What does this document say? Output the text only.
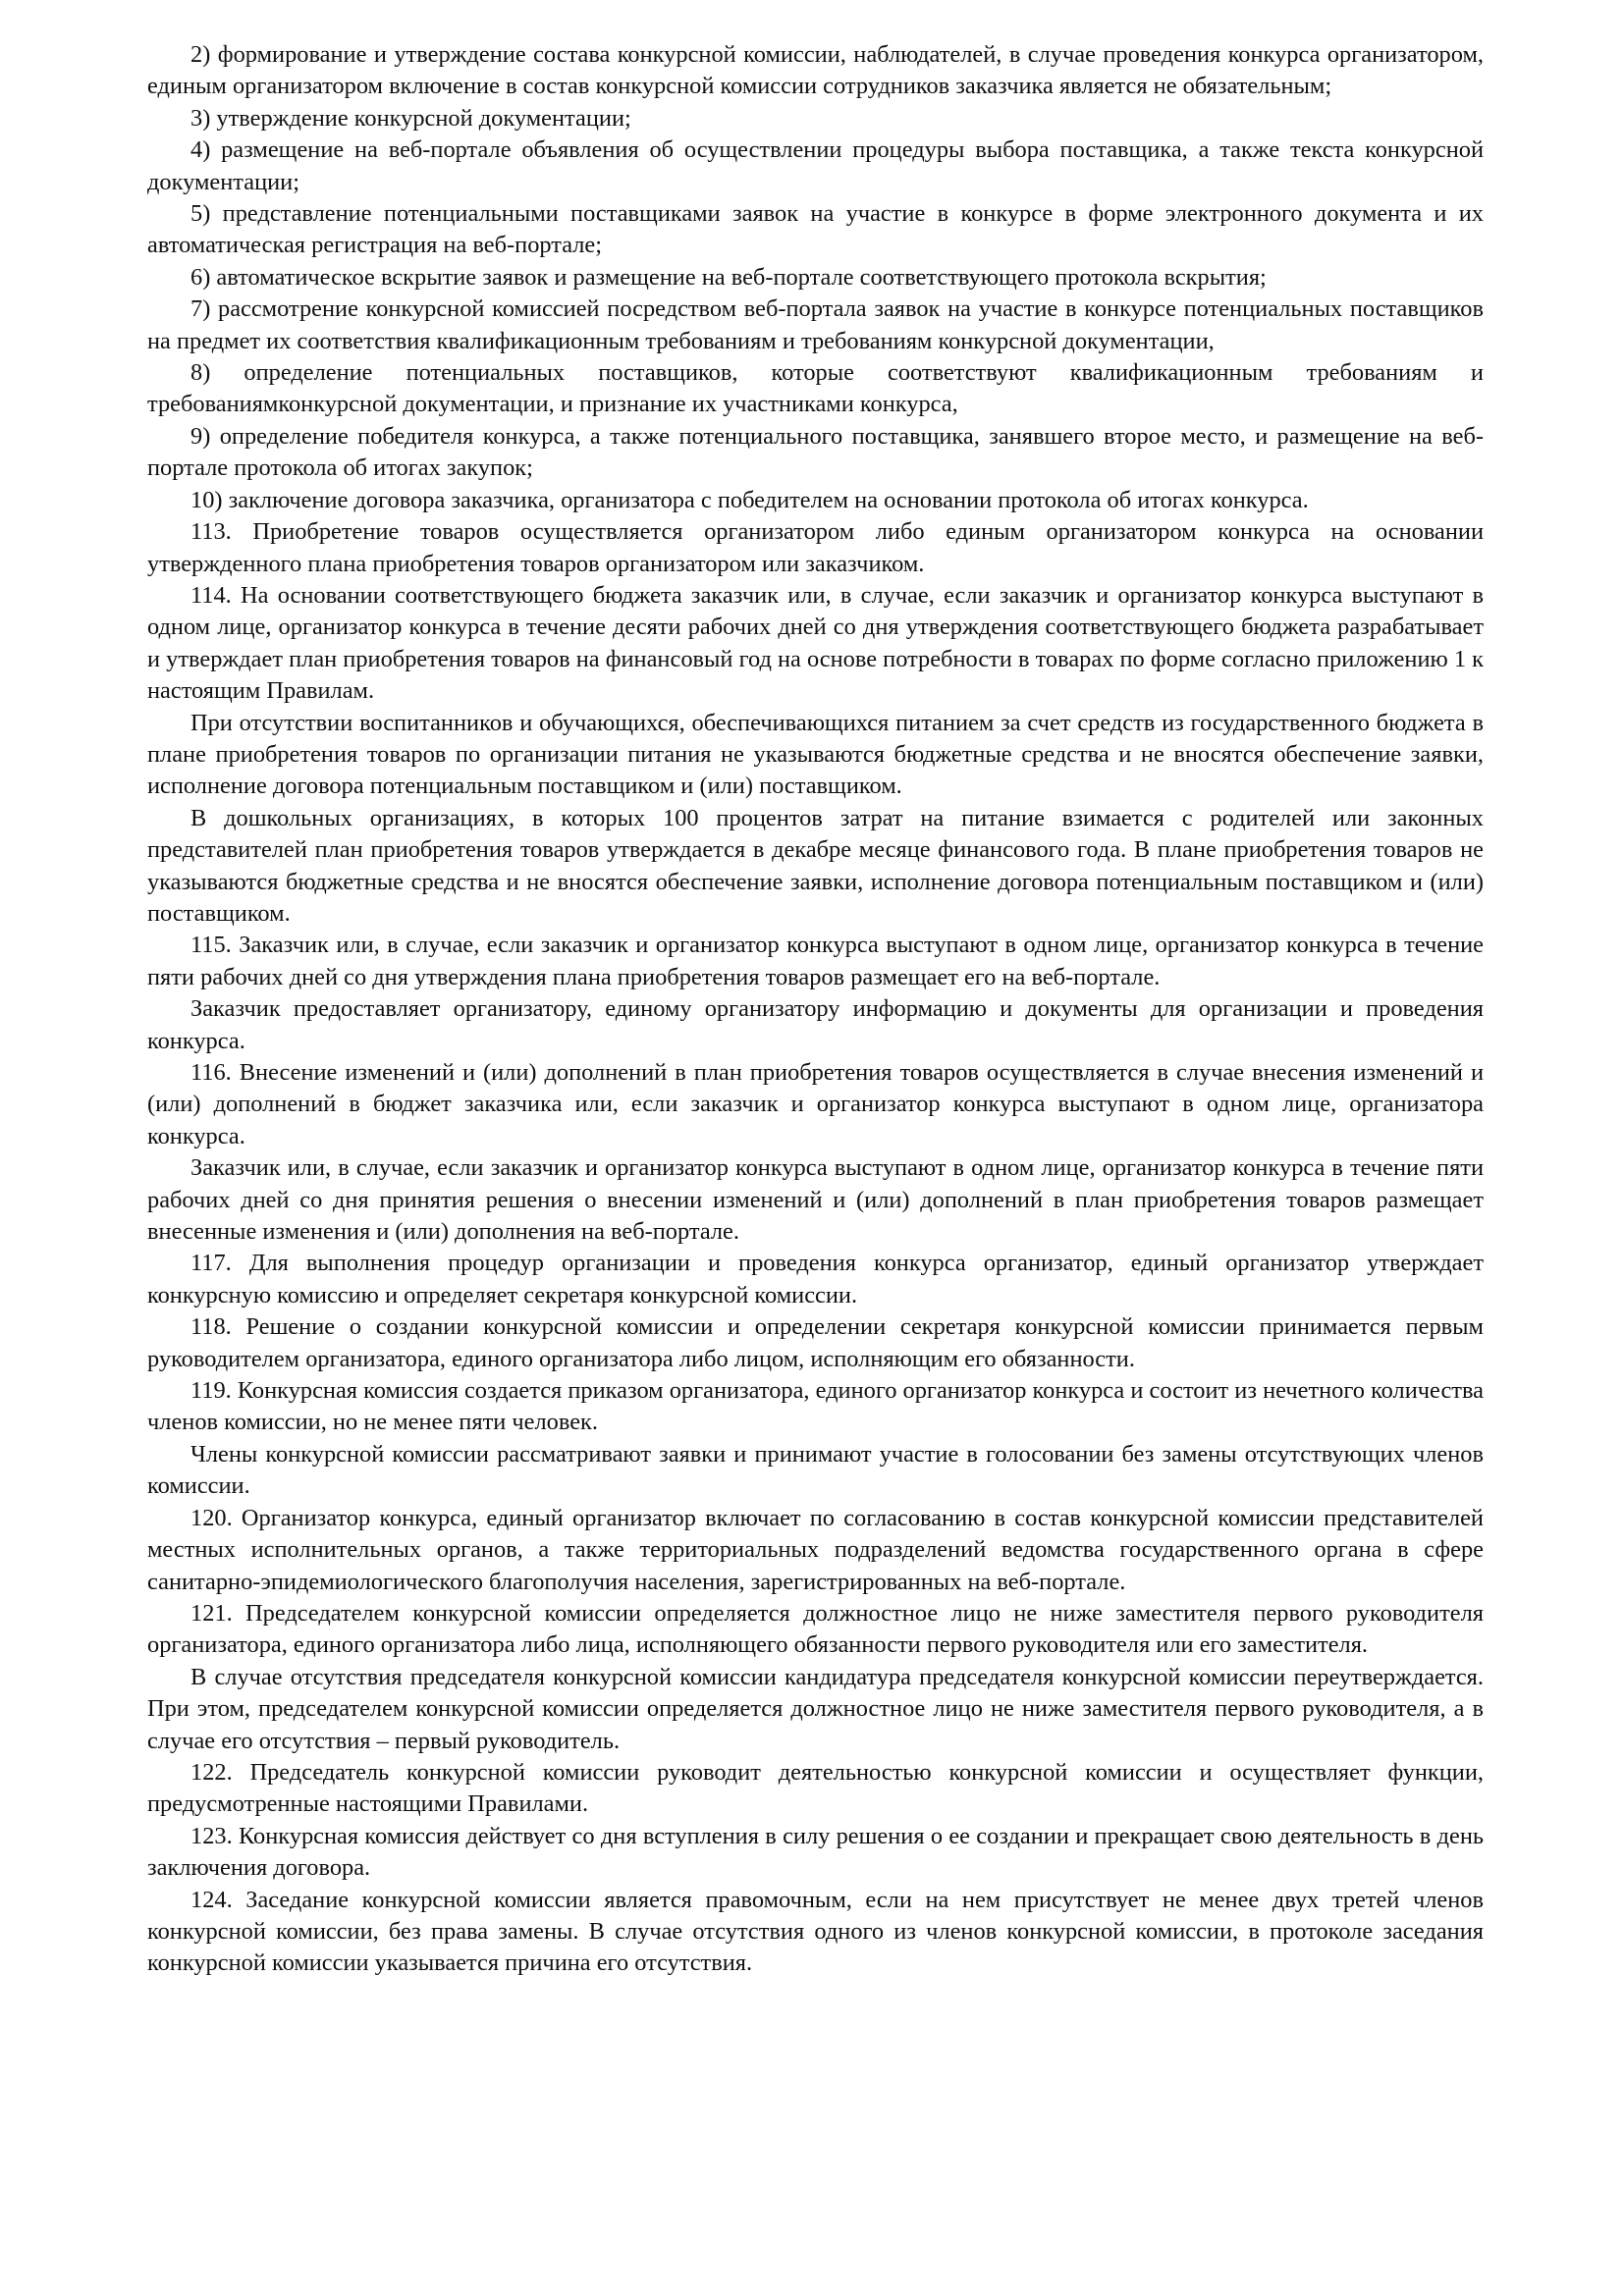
2) формирование и утверждение состава конкурсной комиссии, наблюдателей, в случае проведения конкурса организатором, единым организатором включение в состав конкурсной комиссии сотрудников заказчика является не обязательным;

3) утверждение конкурсной документации;

4) размещение на веб-портале объявления об осуществлении процедуры выбора поставщика, а также текста конкурсной документации;

5) представление потенциальными поставщиками заявок на участие в конкурсе в форме электронного документа и их автоматическая регистрация на веб-портале;

6) автоматическое вскрытие заявок и размещение на веб-портале соответствующего протокола вскрытия;

7) рассмотрение конкурсной комиссией посредством веб-портала заявок на участие в конкурсе потенциальных поставщиков на предмет их соответствия квалификационным требованиям и требованиям конкурсной документации,

8) определение потенциальных поставщиков, которые соответствуют квалификационным требованиям и требованиямконкурсной документации, и признание их участниками конкурса,

9) определение победителя конкурса, а также потенциального поставщика, занявшего второе место, и размещение на веб-портале протокола об итогах закупок;

10) заключение договора заказчика, организатора с победителем на основании протокола об итогах конкурса.

113. Приобретение товаров осуществляется организатором либо единым организатором конкурса на основании утвержденного плана приобретения товаров организатором или заказчиком.

114. На основании соответствующего бюджета заказчик или, в случае, если заказчик и организатор конкурса выступают в одном лице, организатор конкурса в течение десяти рабочих дней со дня утверждения соответствующего бюджета разрабатывает и утверждает план приобретения товаров на финансовый год на основе потребности в товарах по форме согласно приложению 1 к настоящим Правилам.

При отсутствии воспитанников и обучающихся, обеспечивающихся питанием за счет средств из государственного бюджета в плане приобретения товаров по организации питания не указываются бюджетные средства и не вносятся обеспечение заявки, исполнение договора потенциальным поставщиком и (или) поставщиком.

В дошкольных организациях, в которых 100 процентов затрат на питание взимается с родителей или законных представителей план приобретения товаров утверждается в декабре месяце финансового года. В плане приобретения товаров не указываются бюджетные средства и не вносятся обеспечение заявки, исполнение договора потенциальным поставщиком и (или) поставщиком.

115. Заказчик или, в случае, если заказчик и организатор конкурса выступают в одном лице, организатор конкурса в течение пяти рабочих дней со дня утверждения плана приобретения товаров размещает его на веб-портале.

Заказчик предоставляет организатору, единому организатору информацию и документы для организации и проведения конкурса.

116. Внесение изменений и (или) дополнений в план приобретения товаров осуществляется в случае внесения изменений и (или) дополнений в бюджет заказчика или, если заказчик и организатор конкурса выступают в одном лице, организатора конкурса.

Заказчик или, в случае, если заказчик и организатор конкурса выступают в одном лице, организатор конкурса в течение пяти рабочих дней со дня принятия решения о внесении изменений и (или) дополнений в план приобретения товаров размещает внесенные изменения и (или) дополнения на веб-портале.

117. Для выполнения процедур организации и проведения конкурса организатор, единый организатор утверждает конкурсную комиссию и определяет секретаря конкурсной комиссии.

118. Решение о создании конкурсной комиссии и определении секретаря конкурсной комиссии принимается первым руководителем организатора, единого организатора либо лицом, исполняющим его обязанности.

119. Конкурсная комиссия создается приказом организатора, единого организатор конкурса и состоит из нечетного количества членов комиссии, но не менее пяти человек.

Члены конкурсной комиссии рассматривают заявки и принимают участие в голосовании без замены отсутствующих членов комиссии.

120. Организатор конкурса, единый организатор включает по согласованию в состав конкурсной комиссии представителей местных исполнительных органов, а также территориальных подразделений ведомства государственного органа в сфере санитарно-эпидемиологического благополучия населения, зарегистрированных на веб-портале.

121. Председателем конкурсной комиссии определяется должностное лицо не ниже заместителя первого руководителя организатора, единого организатора либо лица, исполняющего обязанности первого руководителя или его заместителя.

В случае отсутствия председателя конкурсной комиссии кандидатура председателя конкурсной комиссии переутверждается. При этом, председателем конкурсной комиссии определяется должностное лицо не ниже заместителя первого руководителя, а в случае его отсутствия – первый руководитель.

122. Председатель конкурсной комиссии руководит деятельностью конкурсной комиссии и осуществляет функции, предусмотренные настоящими Правилами.

123. Конкурсная комиссия действует со дня вступления в силу решения о ее создании и прекращает свою деятельность в день заключения договора.

124. Заседание конкурсной комиссии является правомочным, если на нем присутствует не менее двух третей членов конкурсной комиссии, без права замены. В случае отсутствия одного из членов конкурсной комиссии, в протоколе заседания конкурсной комиссии указывается причина его отсутствия.
